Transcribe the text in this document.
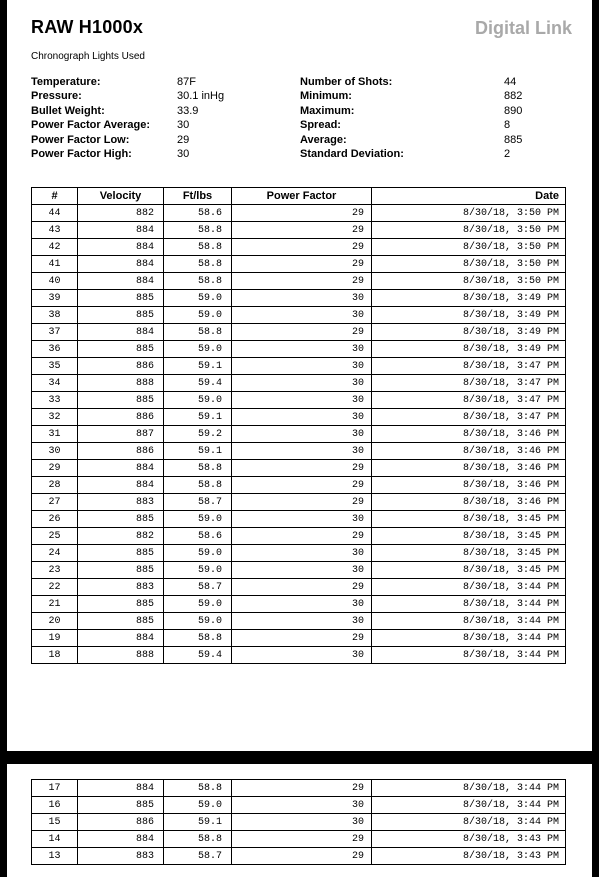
RAW H1000x	Digital Link
Chronograph Lights Used
Temperature:	87F
Pressure:	30.1 inHg
Bullet Weight:	33.9
Power Factor Average: 30
Power Factor Low:	29
Power Factor High:	30
Number of Shots:	44
Minimum:	882
Maximum:	890
Spread:	8
Average:	885
Standard Deviation:	2
#	Velocity	Ft/lbs	Power Factor	Date
44	882	58.6	29	8/30/18, 3:50 PM
43	884	58.8	29	8/30/18, 3:50 PM
42	884	58.8	29	8/30/18, 3:50 PM
41	884	58.8	29	8/30/18, 3:50 PM
40	884	58.8	29	8/30/18, 3:50 PM
39	885	59.0	30	8/30/18, 3:49 PM
38	885	59.0	30	8/30/18, 3:49 PM
37	884	58.8	29	8/30/18, 3:49 PM
36	885	59.0	30	8/30/18, 3:49 PM
35	886	59.1	30	8/30/18, 3:47 PM
34	888	59.4	30	8/30/18, 3:47 PM
33	885	59.0	30	8/30/18, 3:47 PM
32	886	59.1	30	8/30/18, 3:47 PM
31	887	59.2	30	8/30/18, 3:46 PM
30	886	59.1	30	8/30/18, 3:46 PM
29	884	58.8	29	8/30/18, 3:46 PM
28	884	58.8	29	8/30/18, 3:46 PM
27	883	58.7	29	8/30/18, 3:46 PM
26	885	59.0	30	8/30/18, 3:45 PM
25	882	58.6	29	8/30/18, 3:45 PM
24	885	59.0	30	8/30/18, 3:45 PM
23	885	59.0	30	8/30/18, 3:45 PM
22	883	58.7	29	8/30/18, 3:44 PM
21	885	59.0	30	8/30/18, 3:44 PM
20	885	59.0	30	8/30/18, 3:44 PM
19	884	58.8	29	8/30/18, 3:44 PM
18	888	59.4	30	8/30/18, 3:44 PM
17	884	58.8	29	8/30/18, 3:44 PM
16	885	59.0	30	8/30/18, 3:44 PM
15	886	59.1	30	8/30/18, 3:44 PM
14	884	58.8	29	8/30/18, 3:43 PM
13	883	58.7	29	8/30/18, 3:43 PM
